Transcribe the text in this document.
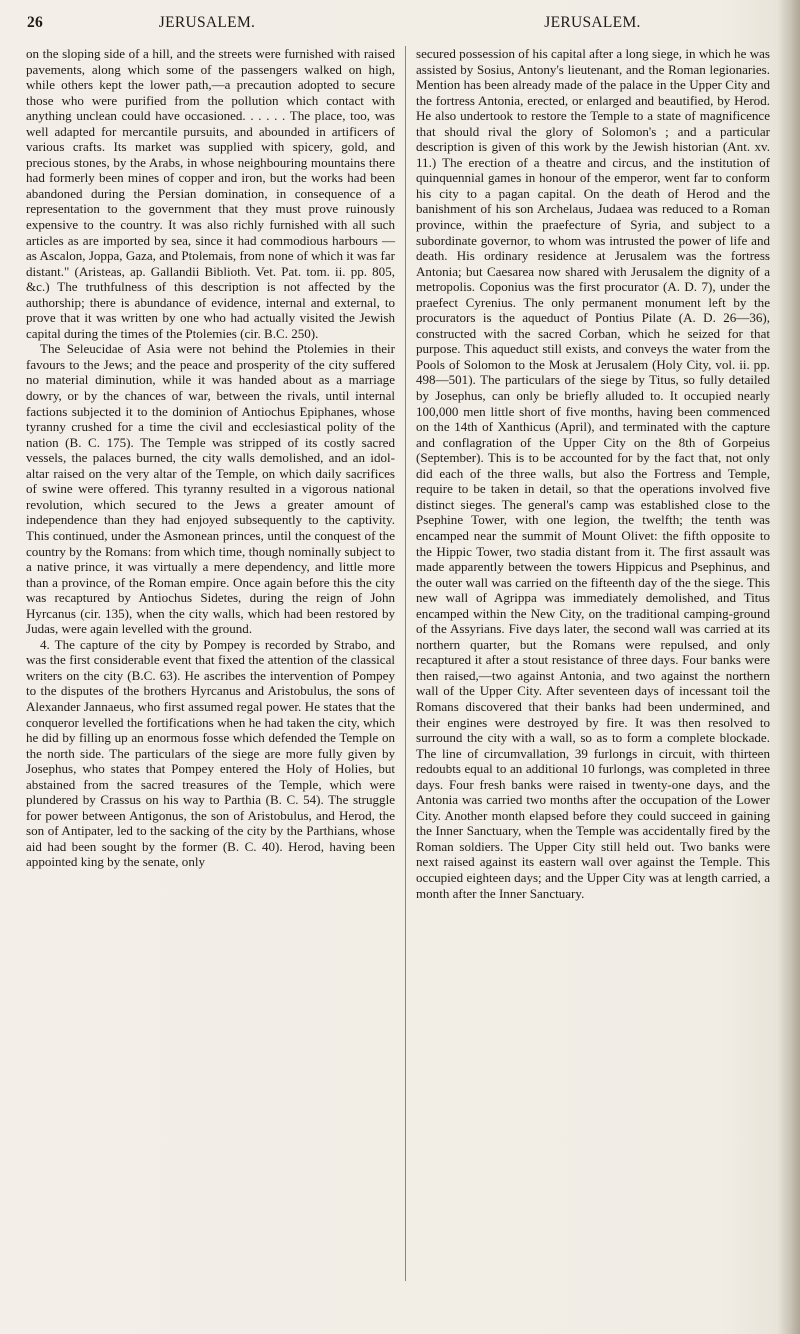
26	JERUSALEM.	JERUSALEM.

on the sloping side of a hill, and the streets were furnished with raised pavements, along which some of the passengers walked on high, while others kept the lower path,—a precaution adopted to secure those who were purified from the pollution which contact with anything unclean could have occasioned. . . . . . The place, too, was well adapted for mercantile pursuits, and abounded in artificers of various crafts. Its market was supplied with spicery, gold, and precious stones, by the Arabs, in whose neighbouring mountains there had formerly been mines of copper and iron, but the works had been abandoned during the Persian domination, in consequence of a representation to the government that they must prove ruinously expensive to the country. It was also richly furnished with all such articles as are imported by sea, since it had commodious harbours — as Ascalon, Joppa, Gaza, and Ptolemais, from none of which it was far distant." (Aristeas, ap. Gallandii Biblioth. Vet. Pat. tom. ii. pp. 805, &c.) The truthfulness of this description is not affected by the authorship; there is abundance of evidence, internal and external, to prove that it was written by one who had actually visited the Jewish capital during the times of the Ptolemies (cir. B.C. 250).

The Seleucidae of Asia were not behind the Ptolemies in their favours to the Jews; and the peace and prosperity of the city suffered no material diminution, while it was handed about as a marriage dowry, or by the chances of war, between the rivals, until internal factions subjected it to the dominion of Antiochus Epiphanes, whose tyranny crushed for a time the civil and ecclesiastical polity of the nation (B. C. 175). The Temple was stripped of its costly sacred vessels, the palaces burned, the city walls demolished, and an idol-altar raised on the very altar of the Temple, on which daily sacrifices of swine were offered. This tyranny resulted in a vigorous national revolution, which secured to the Jews a greater amount of independence than they had enjoyed subsequently to the captivity. This continued, under the Asmonean princes, until the conquest of the country by the Romans: from which time, though nominally subject to a native prince, it was virtually a mere dependency, and little more than a province, of the Roman empire. Once again before this the city was recaptured by Antiochus Sidetes, during the reign of John Hyrcanus (cir. 135), when the city walls, which had been restored by Judas, were again levelled with the ground.

4. The capture of the city by Pompey is recorded by Strabo, and was the first considerable event that fixed the attention of the classical writers on the city (B.C. 63). He ascribes the intervention of Pompey to the disputes of the brothers Hyrcanus and Aristobulus, the sons of Alexander Jannaeus, who first assumed regal power. He states that the conqueror levelled the fortifications when he had taken the city, which he did by filling up an enormous fosse which defended the Temple on the north side. The particulars of the siege are more fully given by Josephus, who states that Pompey entered the Holy of Holies, but abstained from the sacred treasures of the Temple, which were plundered by Crassus on his way to Parthia (B. C. 54). The struggle for power between Antigonus, the son of Aristobulus, and Herod, the son of Antipater, led to the sacking of the city by the Parthians, whose aid had been sought by the former (B. C. 40). Herod, having been appointed king by the senate, only

secured possession of his capital after a long siege, in which he was assisted by Sosius, Antony's lieutenant, and the Roman legionaries. Mention has been already made of the palace in the Upper City and the fortress Antonia, erected, or enlarged and beautified, by Herod. He also undertook to restore the Temple to a state of magnificence that should rival the glory of Solomon's ; and a particular description is given of this work by the Jewish historian (Ant. xv. 11.) The erection of a theatre and circus, and the institution of quinquennial games in honour of the emperor, went far to conform his city to a pagan capital. On the death of Herod and the banishment of his son Archelaus, Judaea was reduced to a Roman province, within the praefecture of Syria, and subject to a subordinate governor, to whom was intrusted the power of life and death. His ordinary residence at Jerusalem was the fortress Antonia; but Caesarea now shared with Jerusalem the dignity of a metropolis. Coponius was the first procurator (A. D. 7), under the praefect Cyrenius. The only permanent monument left by the procurators is the aqueduct of Pontius Pilate (A. D. 26—36), constructed with the sacred Corban, which he seized for that purpose. This aqueduct still exists, and conveys the water from the Pools of Solomon to the Mosk at Jerusalem (Holy City, vol. ii. pp. 498—501). The particulars of the siege by Titus, so fully detailed by Josephus, can only be briefly alluded to. It occupied nearly 100,000 men little short of five months, having been commenced on the 14th of Xanthicus (April), and terminated with the capture and conflagration of the Upper City on the 8th of Gorpeius (September). This is to be accounted for by the fact that, not only did each of the three walls, but also the Fortress and Temple, require to be taken in detail, so that the operations involved five distinct sieges. The general's camp was established close to the Psephine Tower, with one legion, the twelfth; the tenth was encamped near the summit of Mount Olivet: the fifth opposite to the Hippic Tower, two stadia distant from it. The first assault was made apparently between the towers Hippicus and Psephinus, and the outer wall was carried on the fifteenth day of the the siege. This new wall of Agrippa was immediately demolished, and Titus encamped within the New City, on the traditional camping-ground of the Assyrians. Five days later, the second wall was carried at its northern quarter, but the Romans were repulsed, and only recaptured it after a stout resistance of three days. Four banks were then raised,—two against Antonia, and two against the northern wall of the Upper City. After seventeen days of incessant toil the Romans discovered that their banks had been undermined, and their engines were destroyed by fire. It was then resolved to surround the city with a wall, so as to form a complete blockade. The line of circumvallation, 39 furlongs in circuit, with thirteen redoubts equal to an additional 10 furlongs, was completed in three days. Four fresh banks were raised in twenty-one days, and the Antonia was carried two months after the occupation of the Lower City. Another month elapsed before they could succeed in gaining the Inner Sanctuary, when the Temple was accidentally fired by the Roman soldiers. The Upper City still held out. Two banks were next raised against its eastern wall over against the Temple. This occupied eighteen days; and the Upper City was at length carried, a month after the Inner Sanctuary.
